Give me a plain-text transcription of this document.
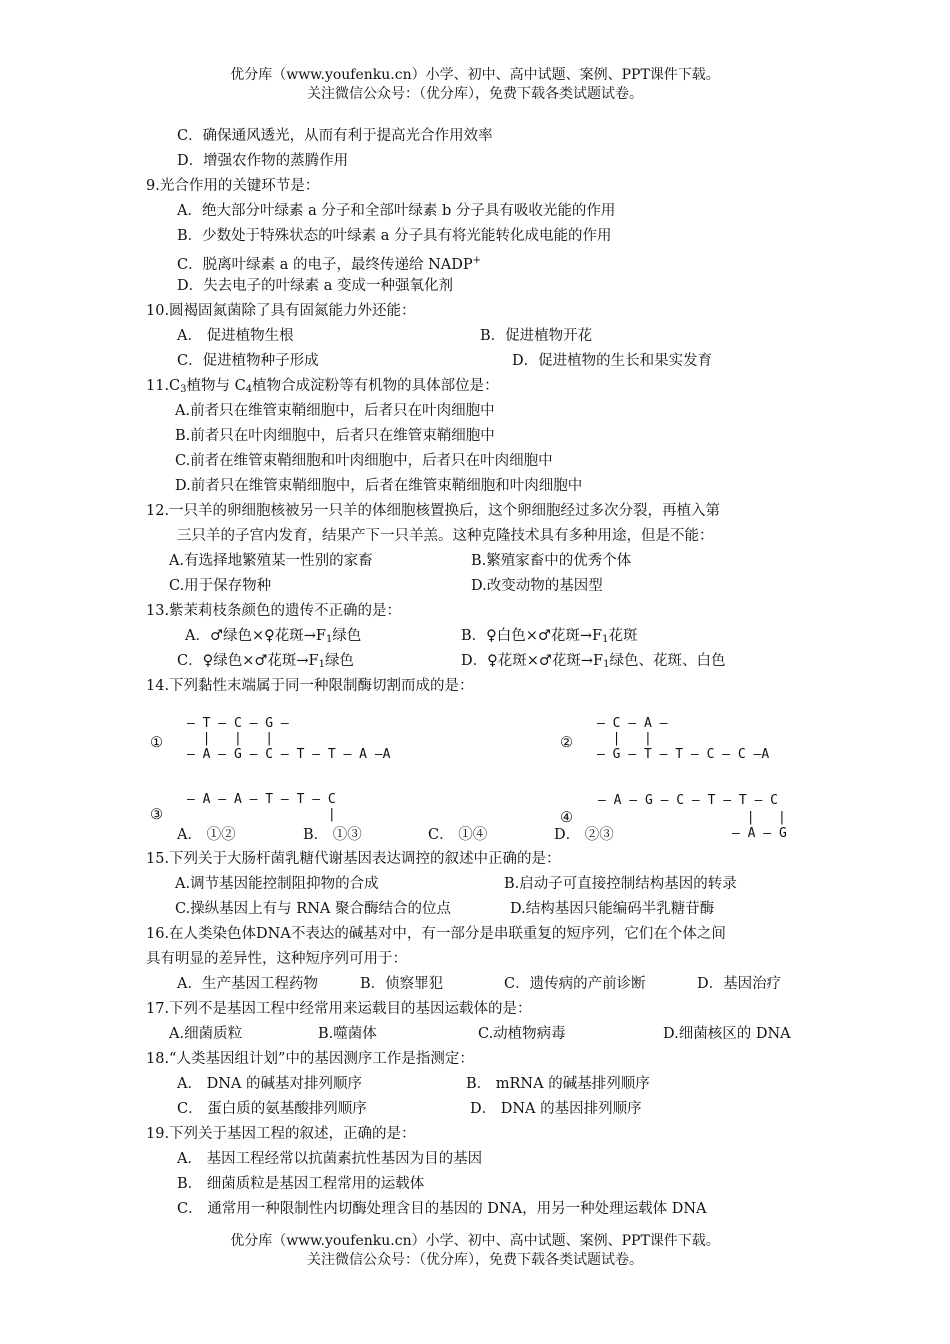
优分库（www.youfenku.cn）小学、初中、高中试题、案例、PPT课件下载。
关注微信公众号：（优分库），免费下载各类试题试卷。
C．确保通风透光，从而有利于提高光合作用效率
D．增强农作物的蒸腾作用
9.光合作用的关键环节是：
A．绝大部分叶绿素 a 分子和全部叶绿素 b 分子具有吸收光能的作用
B．少数处于特殊状态的叶绿素 a 分子具有将光能转化成电能的作用
C．脱离叶绿素 a 的电子，最终传递给 NADP+
D．失去电子的叶绿素 a 变成一种强氧化剂
10.圆褐固氮菌除了具有固氮能力外还能：
A． 促进植物生根	B．促进植物开花
C．促进植物种子形成	D．促进植物的生长和果实发育
$11.C_3$植物与 $C_4$植物合成淀粉等有机物的具体部位是：
A.前者只在维管束鞘细胞中，后者只在叶肉细胞中
B.前者只在叶肉细胞中，后者只在维管束鞘细胞中
C.前者在维管束鞘细胞和叶肉细胞中，后者只在叶肉细胞中
D.前者只在维管束鞘细胞中，后者在维管束鞘细胞和叶肉细胞中
12.一只羊的卵细胞核被另一只羊的体细胞核置换后，这个卵细胞经过多次分裂，再植入第
三只羊的子宫内发育，结果产下一只羊羔。这种克隆技术具有多种用途，但是不能：
A.有选择地繁殖某一性别的家畜	B.繁殖家畜中的优秀个体
C.用于保存物种	D.改变动物的基因型
13.紫茉莉枝条颜色的遗传不正确的是：
A．♂绿色×♀花斑$\to F_1$绿色	B．♀白色×♂花斑$\to F_1$花斑
C．♀绿色×♂花斑$\to F_1$绿色	D．♀花斑×♂花斑$\to F_1$绿色、花斑、白色
14.下列黏性末端属于同一种限制酶切割而成的是：
①
— T — C — G —
|   |   |
— A — G — C — T — T — A —A
②
— C — A —
|   |
— G — T — T — C — C —A
③
— A — A — T — T — C
|	④
— A — G — C — T — T — C
|   |
— A — G
A． ①②	B． ①③	C． ①④	D． ②③
15.下列关于大肠杆菌乳糖代谢基因表达调控的叙述中正确的是：
A.调节基因能控制阻抑物的合成	B.启动子可直接控制结构基因的转录
C.操纵基因上有与 RNA 聚合酶结合的位点	D.结构基因只能编码半乳糖苷酶
16.在人类染色体DNA不表达的碱基对中，有一部分是串联重复的短序列，它们在个体之间
具有明显的差异性，这种短序列可用于：
A．生产基因工程药物	B．侦察罪犯	C．遗传病的产前诊断	D．基因治疗
17.下列不是基因工程中经常用来运载目的基因运载体的是：
A.细菌质粒	B.噬菌体	C.动植物病毒	D.细菌核区的 DNA
18.“人类基因组计划”中的基因测序工作是指测定：
A． DNA 的碱基对排列顺序	B． mRNA 的碱基排列顺序
C． 蛋白质的氨基酸排列顺序	D． DNA 的基因排列顺序
19.下列关于基因工程的叙述，正确的是：
A． 基因工程经常以抗菌素抗性基因为目的基因
B． 细菌质粒是基因工程常用的运载体
C． 通常用一种限制性内切酶处理含目的基因的 DNA，用另一种处理运载体 DNA
优分库（www.youfenku.cn）小学、初中、高中试题、案例、PPT课件下载。
关注微信公众号：（优分库），免费下载各类试题试卷。
